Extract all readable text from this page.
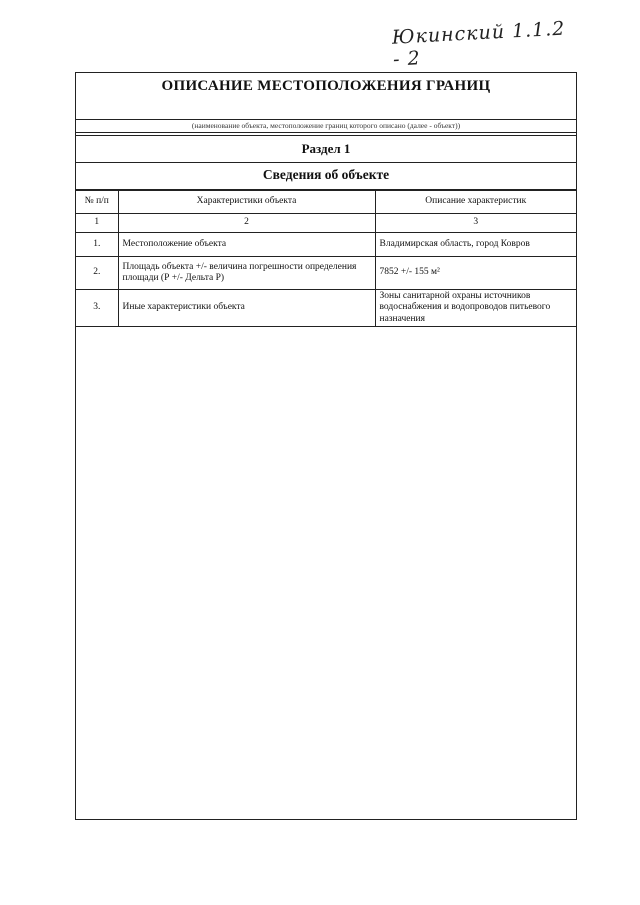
Юкинский 1.1.2 - 2
ОПИСАНИЕ МЕСТОПОЛОЖЕНИЯ ГРАНИЦ
(наименование объекта, местоположение границ которого описано (далее - объект))
Раздел 1
Сведения об объекте
№ п/п	Характеристики объекта	Описание характеристик
1	2	3
1.	Местоположение объекта	Владимирская область, город Ковров
2.	Площадь объекта +/- величина погрешности определения площади (Р +/- Дельта Р)	7852 +/- 155 м²
3.	Иные характеристики объекта	Зоны санитарной охраны источников водоснабжения и водопроводов питьевого назначения
